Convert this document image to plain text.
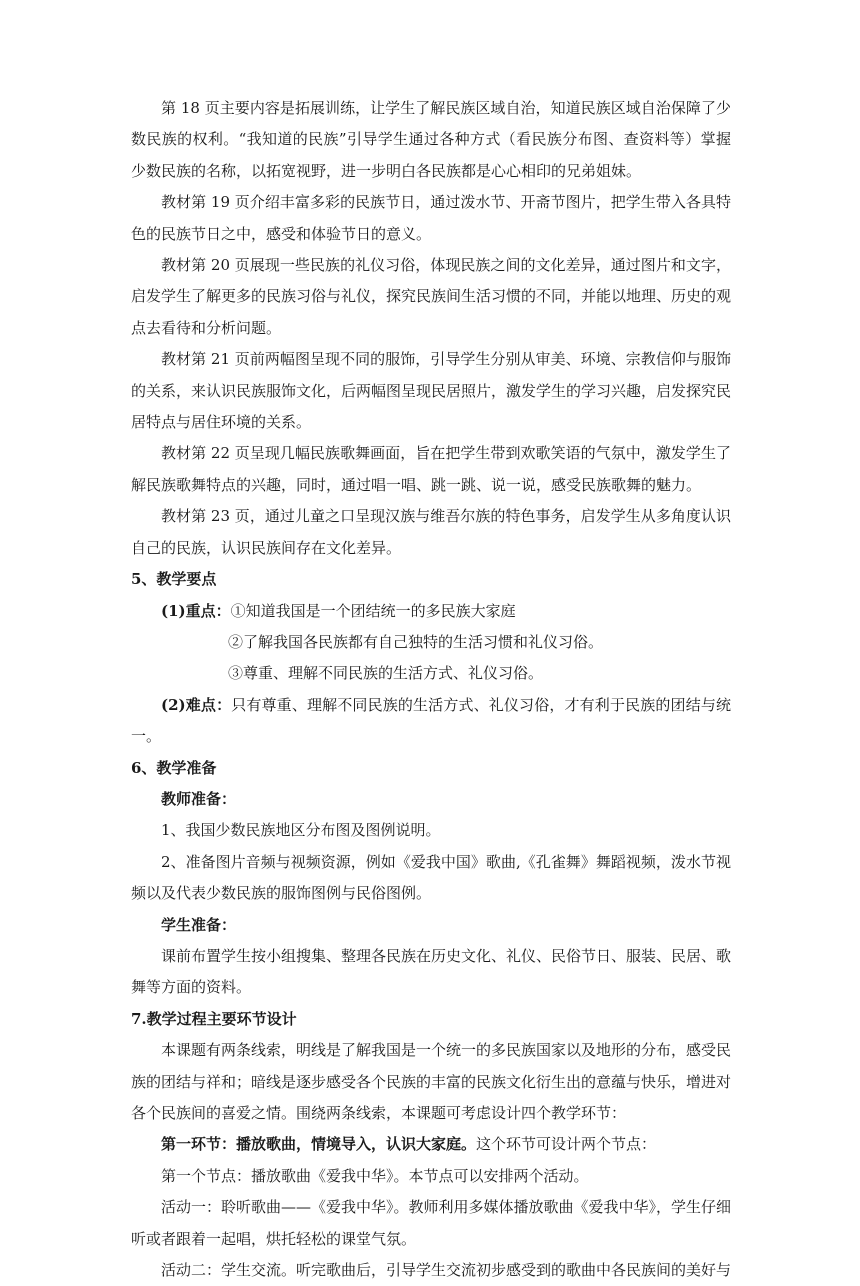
第 18 页主要内容是拓展训练，让学生了解民族区域自治，知道民族区域自治保障了少数民族的权利。“我知道的民族”引导学生通过各种方式（看民族分布图、查资料等）掌握少数民族的名称，以拓宽视野，进一步明白各民族都是心心相印的兄弟姐妹。

教材第 19 页介绍丰富多彩的民族节日，通过泼水节、开斋节图片，把学生带入各具特色的民族节日之中，感受和体验节日的意义。

教材第 20 页展现一些民族的礼仪习俗，体现民族之间的文化差异，通过图片和文字，启发学生了解更多的民族习俗与礼仪，探究民族间生活习惯的不同，并能以地理、历史的观点去看待和分析问题。

教材第 21 页前两幅图呈现不同的服饰，引导学生分别从审美、环境、宗教信仰与服饰的关系，来认识民族服饰文化，后两幅图呈现民居照片，激发学生的学习兴趣，启发探究民居特点与居住环境的关系。

教材第 22 页呈现几幅民族歌舞画面，旨在把学生带到欢歌笑语的气氛中，激发学生了解民族歌舞特点的兴趣，同时，通过唱一唱、跳一跳、说一说，感受民族歌舞的魅力。

教材第 23 页，通过儿童之口呈现汉族与维吾尔族的特色事务，启发学生从多角度认识自己的民族，认识民族间存在文化差异。

5、教学要点

(1)重点：①知道我国是一个团结统一的多民族大家庭

②了解我国各民族都有自己独特的生活习惯和礼仪习俗。

③尊重、理解不同民族的生活方式、礼仪习俗。

(2)难点：只有尊重、理解不同民族的生活方式、礼仪习俗，才有利于民族的团结与统一。

6、教学准备

教师准备：

1、我国少数民族地区分布图及图例说明。

2、准备图片音频与视频资源，例如《爱我中国》歌曲,《孔雀舞》舞蹈视频，泼水节视频以及代表少数民族的服饰图例与民俗图例。

学生准备：

课前布置学生按小组搜集、整理各民族在历史文化、礼仪、民俗节日、服装、民居、歌舞等方面的资料。

7.教学过程主要环节设计

本课题有两条线索，明线是了解我国是一个统一的多民族国家以及地形的分布，感受民族的团结与祥和；暗线是逐步感受各个民族的丰富的民族文化衍生出的意蕴与快乐，增进对各个民族间的喜爱之情。围绕两条线索，本课题可考虑设计四个教学环节：

第一环节：播放歌曲，情境导入，认识大家庭。这个环节可设计两个节点：

第一个节点：播放歌曲《爱我中华》。本节点可以安排两个活动。

活动一：聆听歌曲——《爱我中华》。教师利用多媒体播放歌曲《爱我中华》，学生仔细听或者跟着一起唱，烘托轻松的课堂气氛。

活动二：学生交流。听完歌曲后，引导学生交流初步感受到的歌曲中各民族间的美好与
